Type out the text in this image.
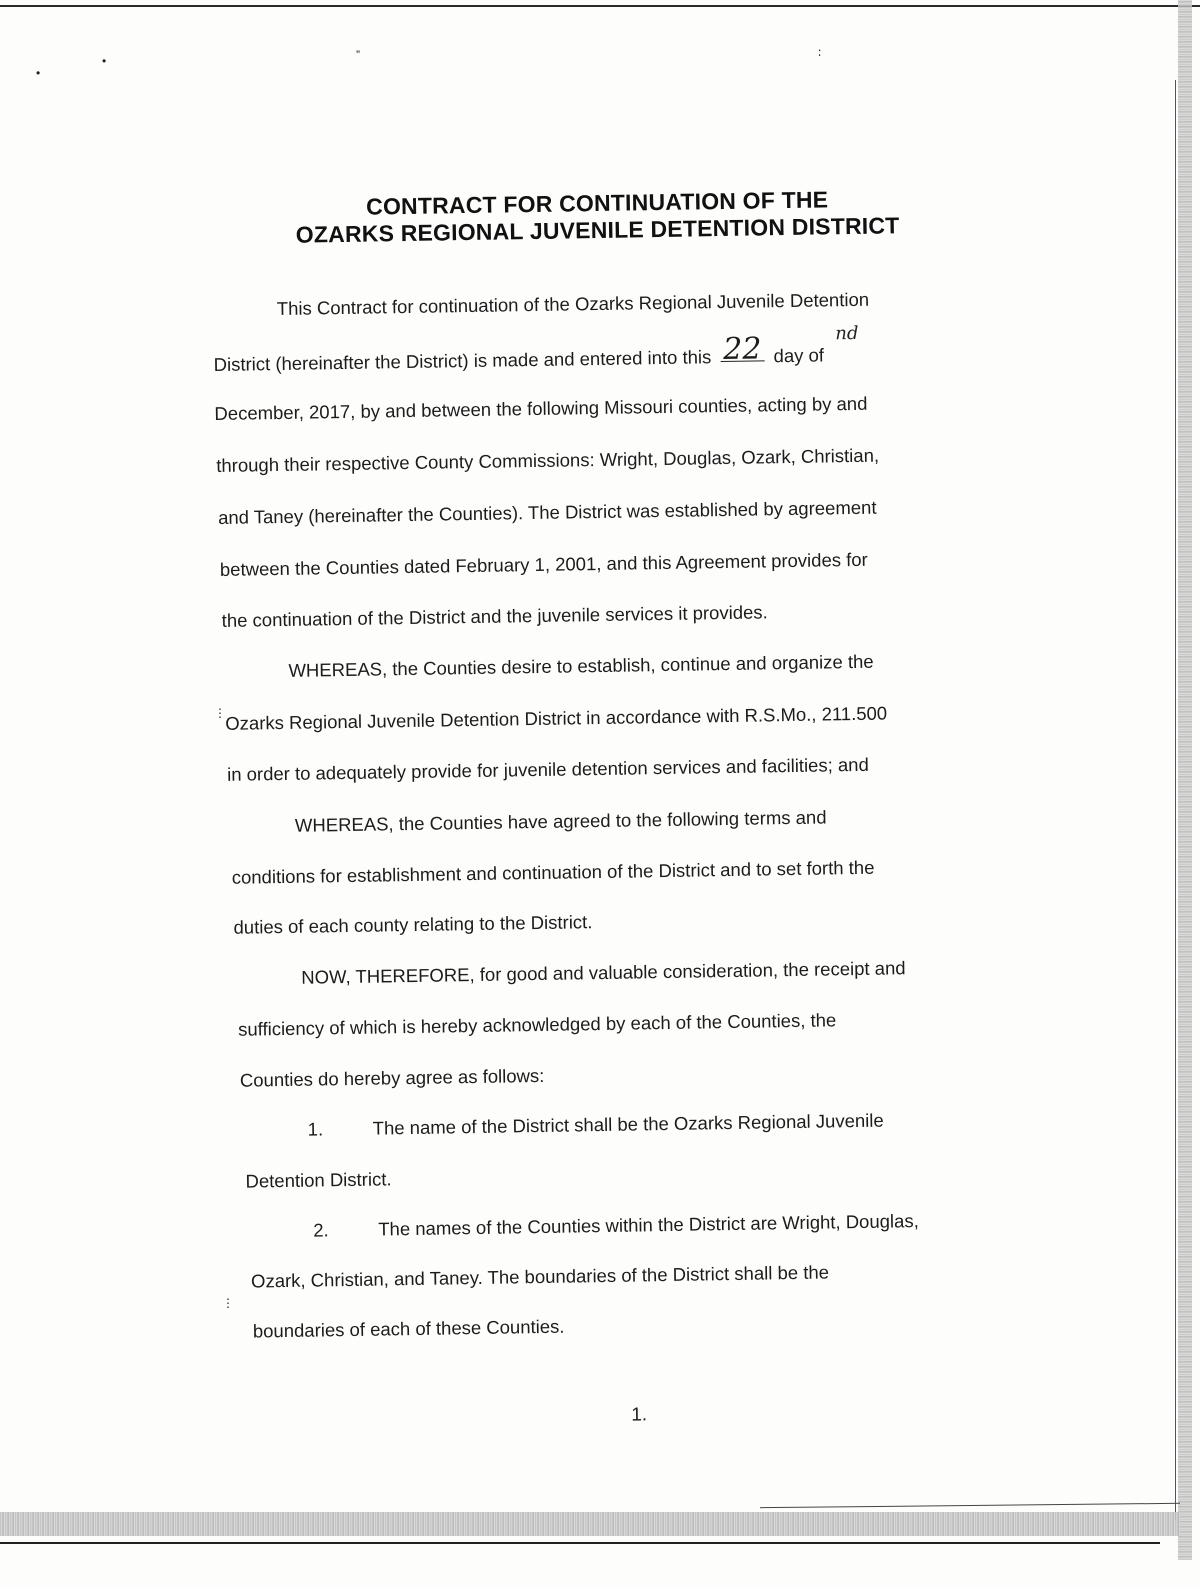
•
•	”	∶
⋮
⋮
CONTRACT FOR CONTINUATION OF THE
OZARKS REGIONAL JUVENILE DETENTION DISTRICT
This Contract for continuation of the Ozarks Regional Juvenile Detention
District (hereinafter the District) is made and entered into this 22 day of
nd
December, 2017, by and between the following Missouri counties, acting by and
through their respective County Commissions: Wright, Douglas, Ozark, Christian,
and Taney (hereinafter the Counties). The District was established by agreement
between the Counties dated February 1, 2001, and this Agreement provides for
the continuation of the District and the juvenile services it provides.
WHEREAS, the Counties desire to establish, continue and organize the
Ozarks Regional Juvenile Detention District in accordance with R.S.Mo., 211.500
in order to adequately provide for juvenile detention services and facilities; and
WHEREAS, the Counties have agreed to the following terms and
conditions for establishment and continuation of the District and to set forth the
duties of each county relating to the District.
NOW, THEREFORE, for good and valuable consideration, the receipt and
sufficiency of which is hereby acknowledged by each of the Counties, the
Counties do hereby agree as follows:
1.	The name of the District shall be the Ozarks Regional Juvenile
Detention District.
2.	The names of the Counties within the District are Wright, Douglas,
Ozark, Christian, and Taney. The boundaries of the District shall be the
boundaries of each of these Counties.
1.
